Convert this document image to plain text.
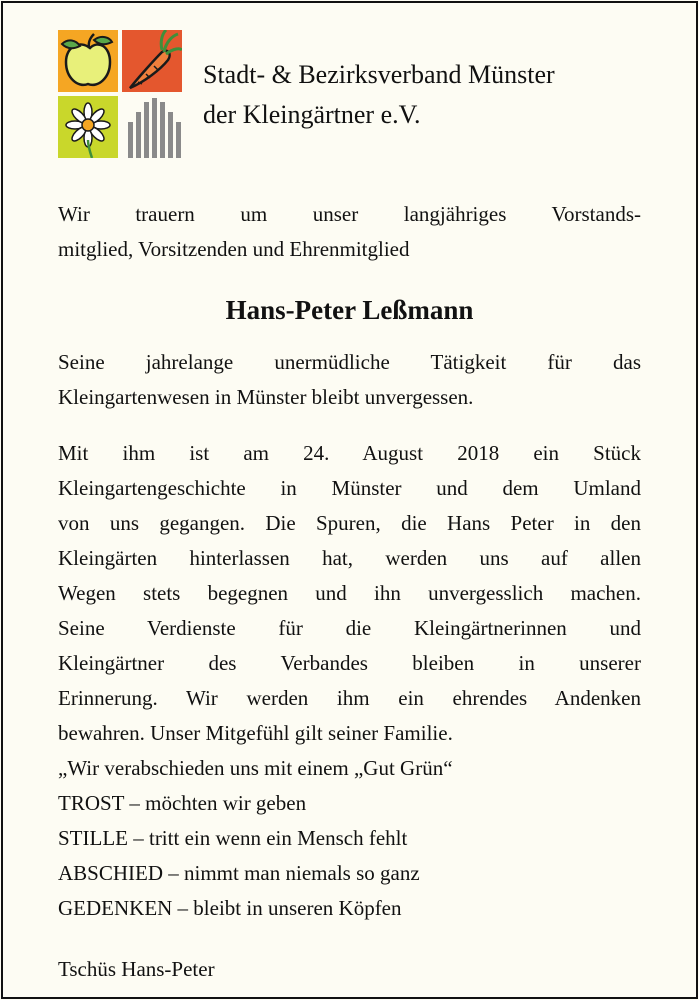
Stadt- & Bezirksverband Münster
der Kleingärtner e.V.
Wir trauern um unser langjähriges Vorstands-
mitglied, Vorsitzenden und Ehrenmitglied
Hans-Peter Leßmann
Seine jahrelange unermüdliche Tätigkeit für das
Kleingartenwesen in Münster bleibt unvergessen.
Mit ihm ist am 24. August 2018 ein Stück
Kleingartengeschichte in Münster und dem Umland
von uns gegangen. Die Spuren, die Hans Peter in den
Kleingärten hinterlassen hat, werden uns auf allen
Wegen stets begegnen und ihn unvergesslich machen.
Seine Verdienste für die Kleingärtnerinnen und
Kleingärtner des Verbandes bleiben in unserer
Erinnerung. Wir werden ihm ein ehrendes Andenken
bewahren. Unser Mitgefühl gilt seiner Familie.
„Wir verabschieden uns mit einem „Gut Grün“
TROST – möchten wir geben
STILLE – tritt ein wenn ein Mensch fehlt
ABSCHIED – nimmt man niemals so ganz
GEDENKEN – bleibt in unseren Köpfen
Tschüs Hans-Peter
